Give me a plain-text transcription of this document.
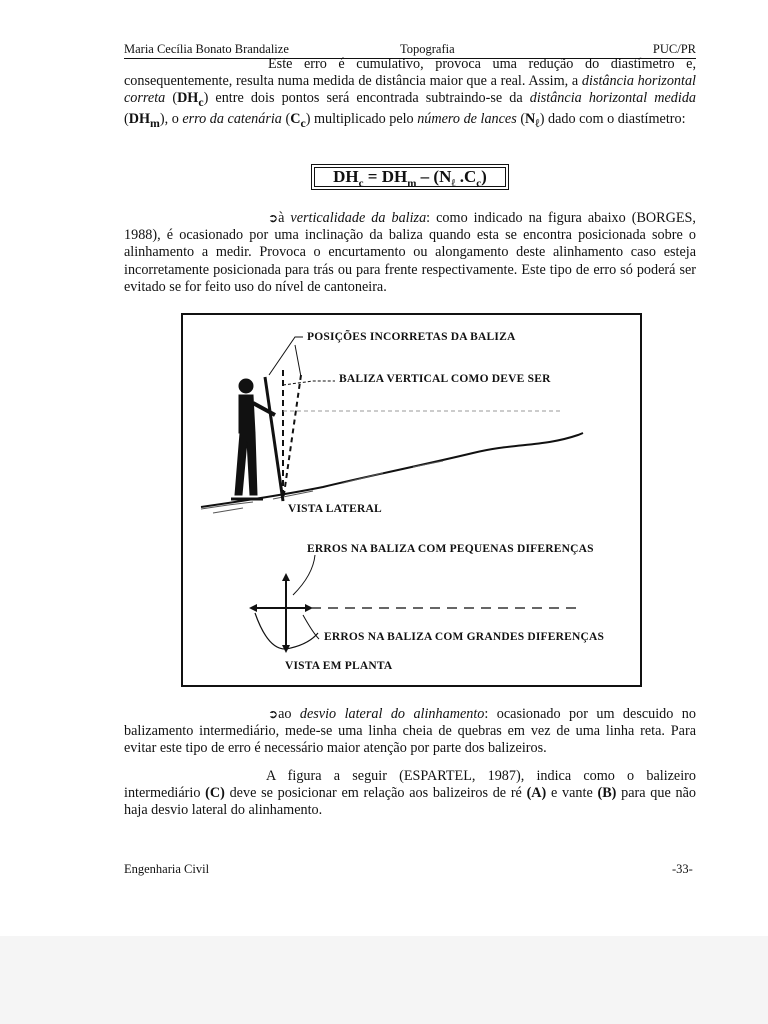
Maria Cecília Bonato Brandalize	Topografia	PUC/PR
Este erro é cumulativo, provoca uma redução do diastímetro e, consequentemente, resulta numa medida de distância maior que a real. Assim, a distância horizontal correta $(DH_c)$ entre dois pontos será encontrada subtraindo-se da distância horizontal medida $(DH_m)$, o erro da catenária $(C_c)$ multiplicado pelo número de lances $(N_\ell)$ dado com o diastímetro:
$DH_c = DH_m - (N_\ell$ $.C_c$)
➲à verticalidade da baliza: como indicado na figura abaixo (BORGES, 1988), é ocasionado por uma inclinação da baliza quando esta se encontra posicionada sobre o alinhamento a medir. Provoca o encurtamento ou alongamento deste alinhamento caso esteja incorretamente posicionada para trás ou para frente respectivamente. Este tipo de erro só poderá ser evitado se for feito uso do nível de cantoneira.
POSIÇÕES INCORRETAS DA BALIZA
BALIZA VERTICAL COMO DEVE SER
VISTA LATERAL
ERROS NA BALIZA COM PEQUENAS DIFERENÇAS
ERROS NA BALIZA COM GRANDES DIFERENÇAS
VISTA EM PLANTA
➲ao desvio lateral do alinhamento: ocasionado por um descuido no balizamento intermediário, mede-se uma linha cheia de quebras em vez de uma linha reta. Para evitar este tipo de erro é necessário maior atenção por parte dos balizeiros.
A figura a seguir (ESPARTEL, 1987), indica como o balizeiro intermediário (C) deve se posicionar em relação aos balizeiros de ré (A) e vante (B) para que não haja desvio lateral do alinhamento.
Engenharia Civil	-33-
